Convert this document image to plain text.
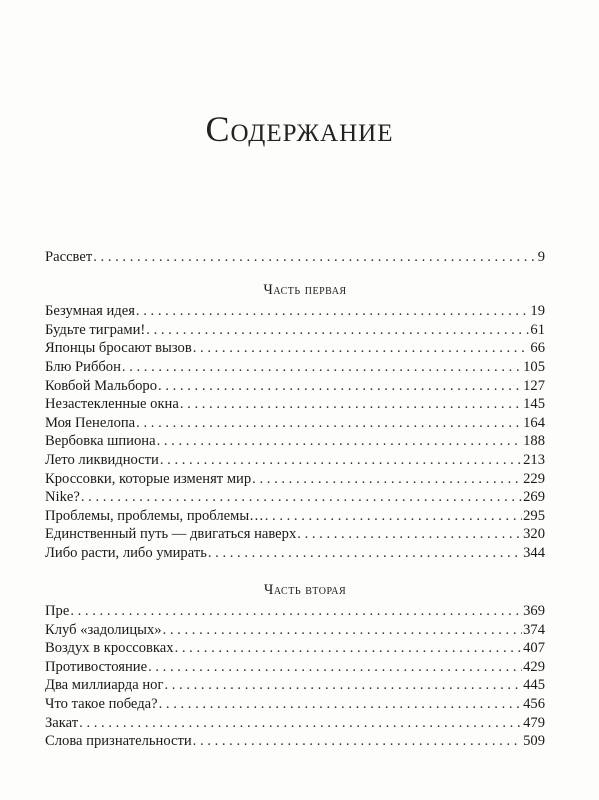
Содержание
Рассвет . . .	9
Часть первая
Безумная идея . . .	19
Будьте тиграми! . . .	61
Японцы бросают вызов . . .	66
Блю Риббон . . .	105
Ковбой Мальборо . . .	127
Незастекленные окна . . .	145
Моя Пенелопа . . .	164
Вербовка шпиона . . .	188
Лето ликвидности . . .	213
Кроссовки, которые изменят мир . . .	229
Nike? . . .	269
Проблемы, проблемы, проблемы… . . .	295
Единственный путь — двигаться наверх . . .	320
Либо расти, либо умирать . . .	344
Часть вторая
Пре . . .	369
Клуб «задолицых» . . .	374
Воздух в кроссовках . . .	407
Противостояние . . .	429
Два миллиарда ног . . .	445
Что такое победа? . . .	456
Закат . . .	479
Слова признательности . . .	509
